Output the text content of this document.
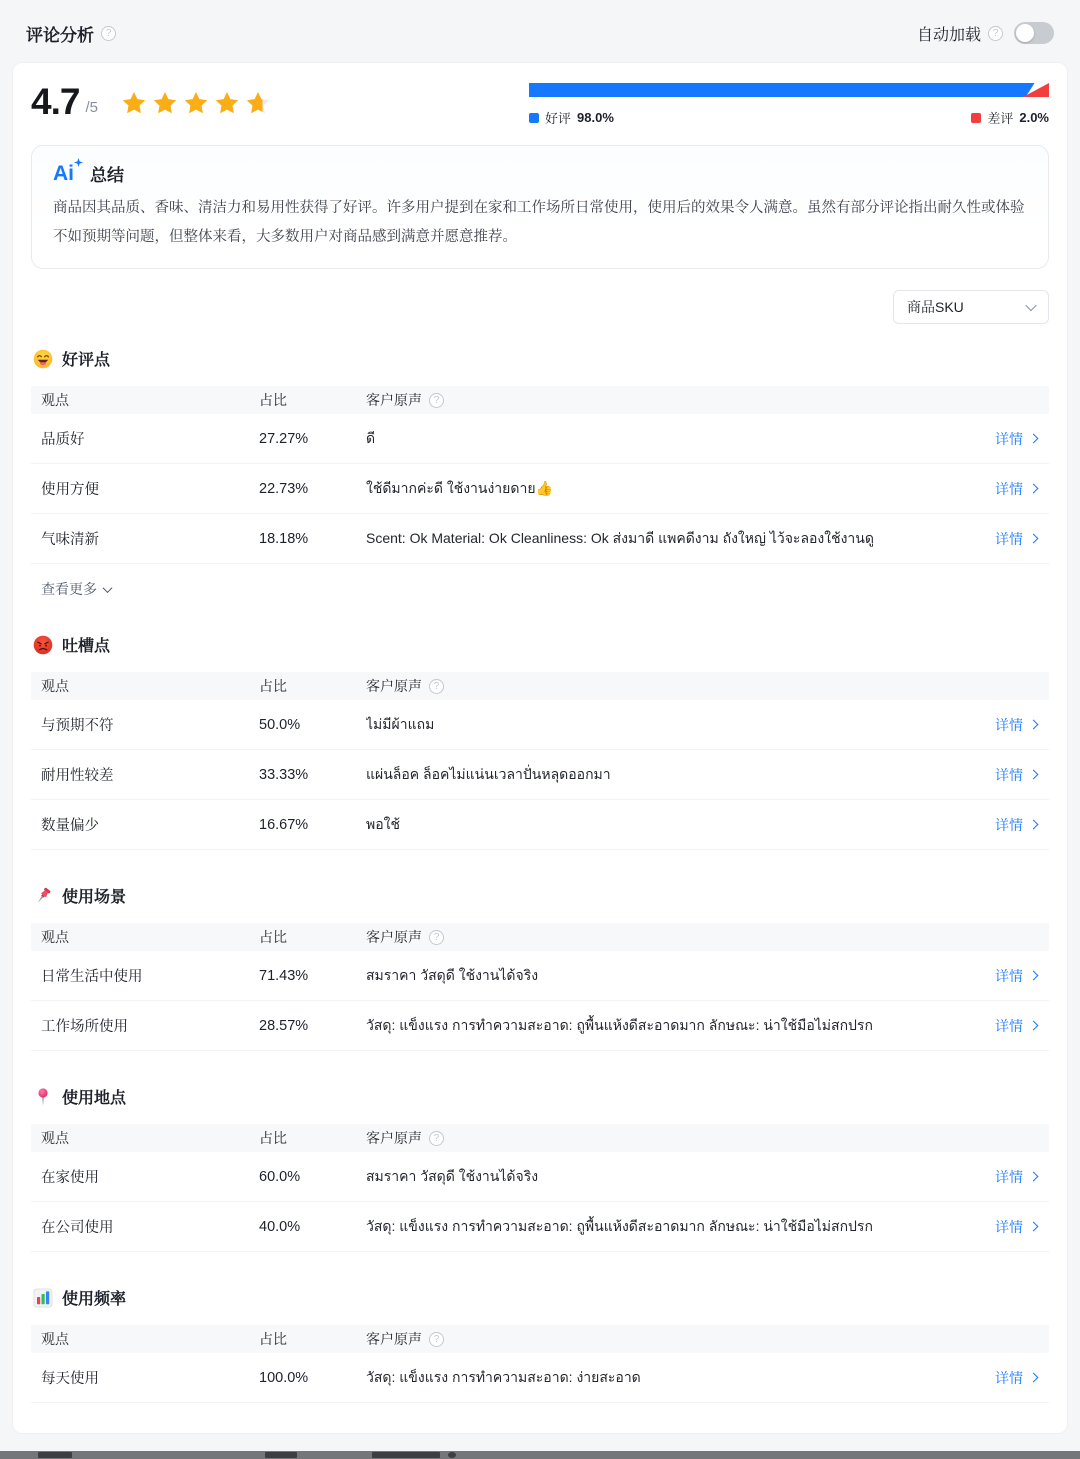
评论分析	?	自动加载	?
4.7 /5
好评 98.0%	差评 2.0%
Ai 总结
商品因其品质、香味、清洁力和易用性获得了好评。许多用户提到在家和工作场所日常使用，使用后的效果令人满意。虽然有部分评论指出耐久性或体验不如预期等问题，但整体来看，大多数用户对商品感到满意并愿意推荐。
商品SKU
好评点
观点	占比	客户原声	?
品质好	27.27%	ดี	详情
使用方便	22.73%	ใช้ดีมากค่ะดี ใช้งานง่ายดาย👍	详情
气味清新	18.18%	Scent: Ok Material: Ok Cleanliness: Ok ส่งมาดี แพคดีงาม ถังใหญ่ ไว้จะลองใช้งานดู	详情
查看更多
吐槽点
观点	占比	客户原声	?
与预期不符	50.0%	ไม่มีผ้าแถม	详情
耐用性较差	33.33%	แผ่นล็อค ล็อคไม่แน่นเวลาปั่นหลุดออกมา	详情
数量偏少	16.67%	พอใช้	详情
使用场景
观点	占比	客户原声	?
日常生活中使用	71.43%	สมราคา วัสดุดี ใช้งานได้จริง	详情
工作场所使用	28.57%	วัสดุ: แข็งแรง การทำความสะอาด: ถูพื้นแห้งดีสะอาดมาก ลักษณะ: น่าใช้มือไม่สกปรก	详情
使用地点
观点	占比	客户原声	?
在家使用	60.0%	สมราคา วัสดุดี ใช้งานได้จริง	详情
在公司使用	40.0%	วัสดุ: แข็งแรง การทำความสะอาด: ถูพื้นแห้งดีสะอาดมาก ลักษณะ: น่าใช้มือไม่สกปรก	详情
使用频率
观点	占比	客户原声	?
每天使用	100.0%	วัสดุ: แข็งแรง การทำความสะอาด: ง่ายสะอาด	详情
